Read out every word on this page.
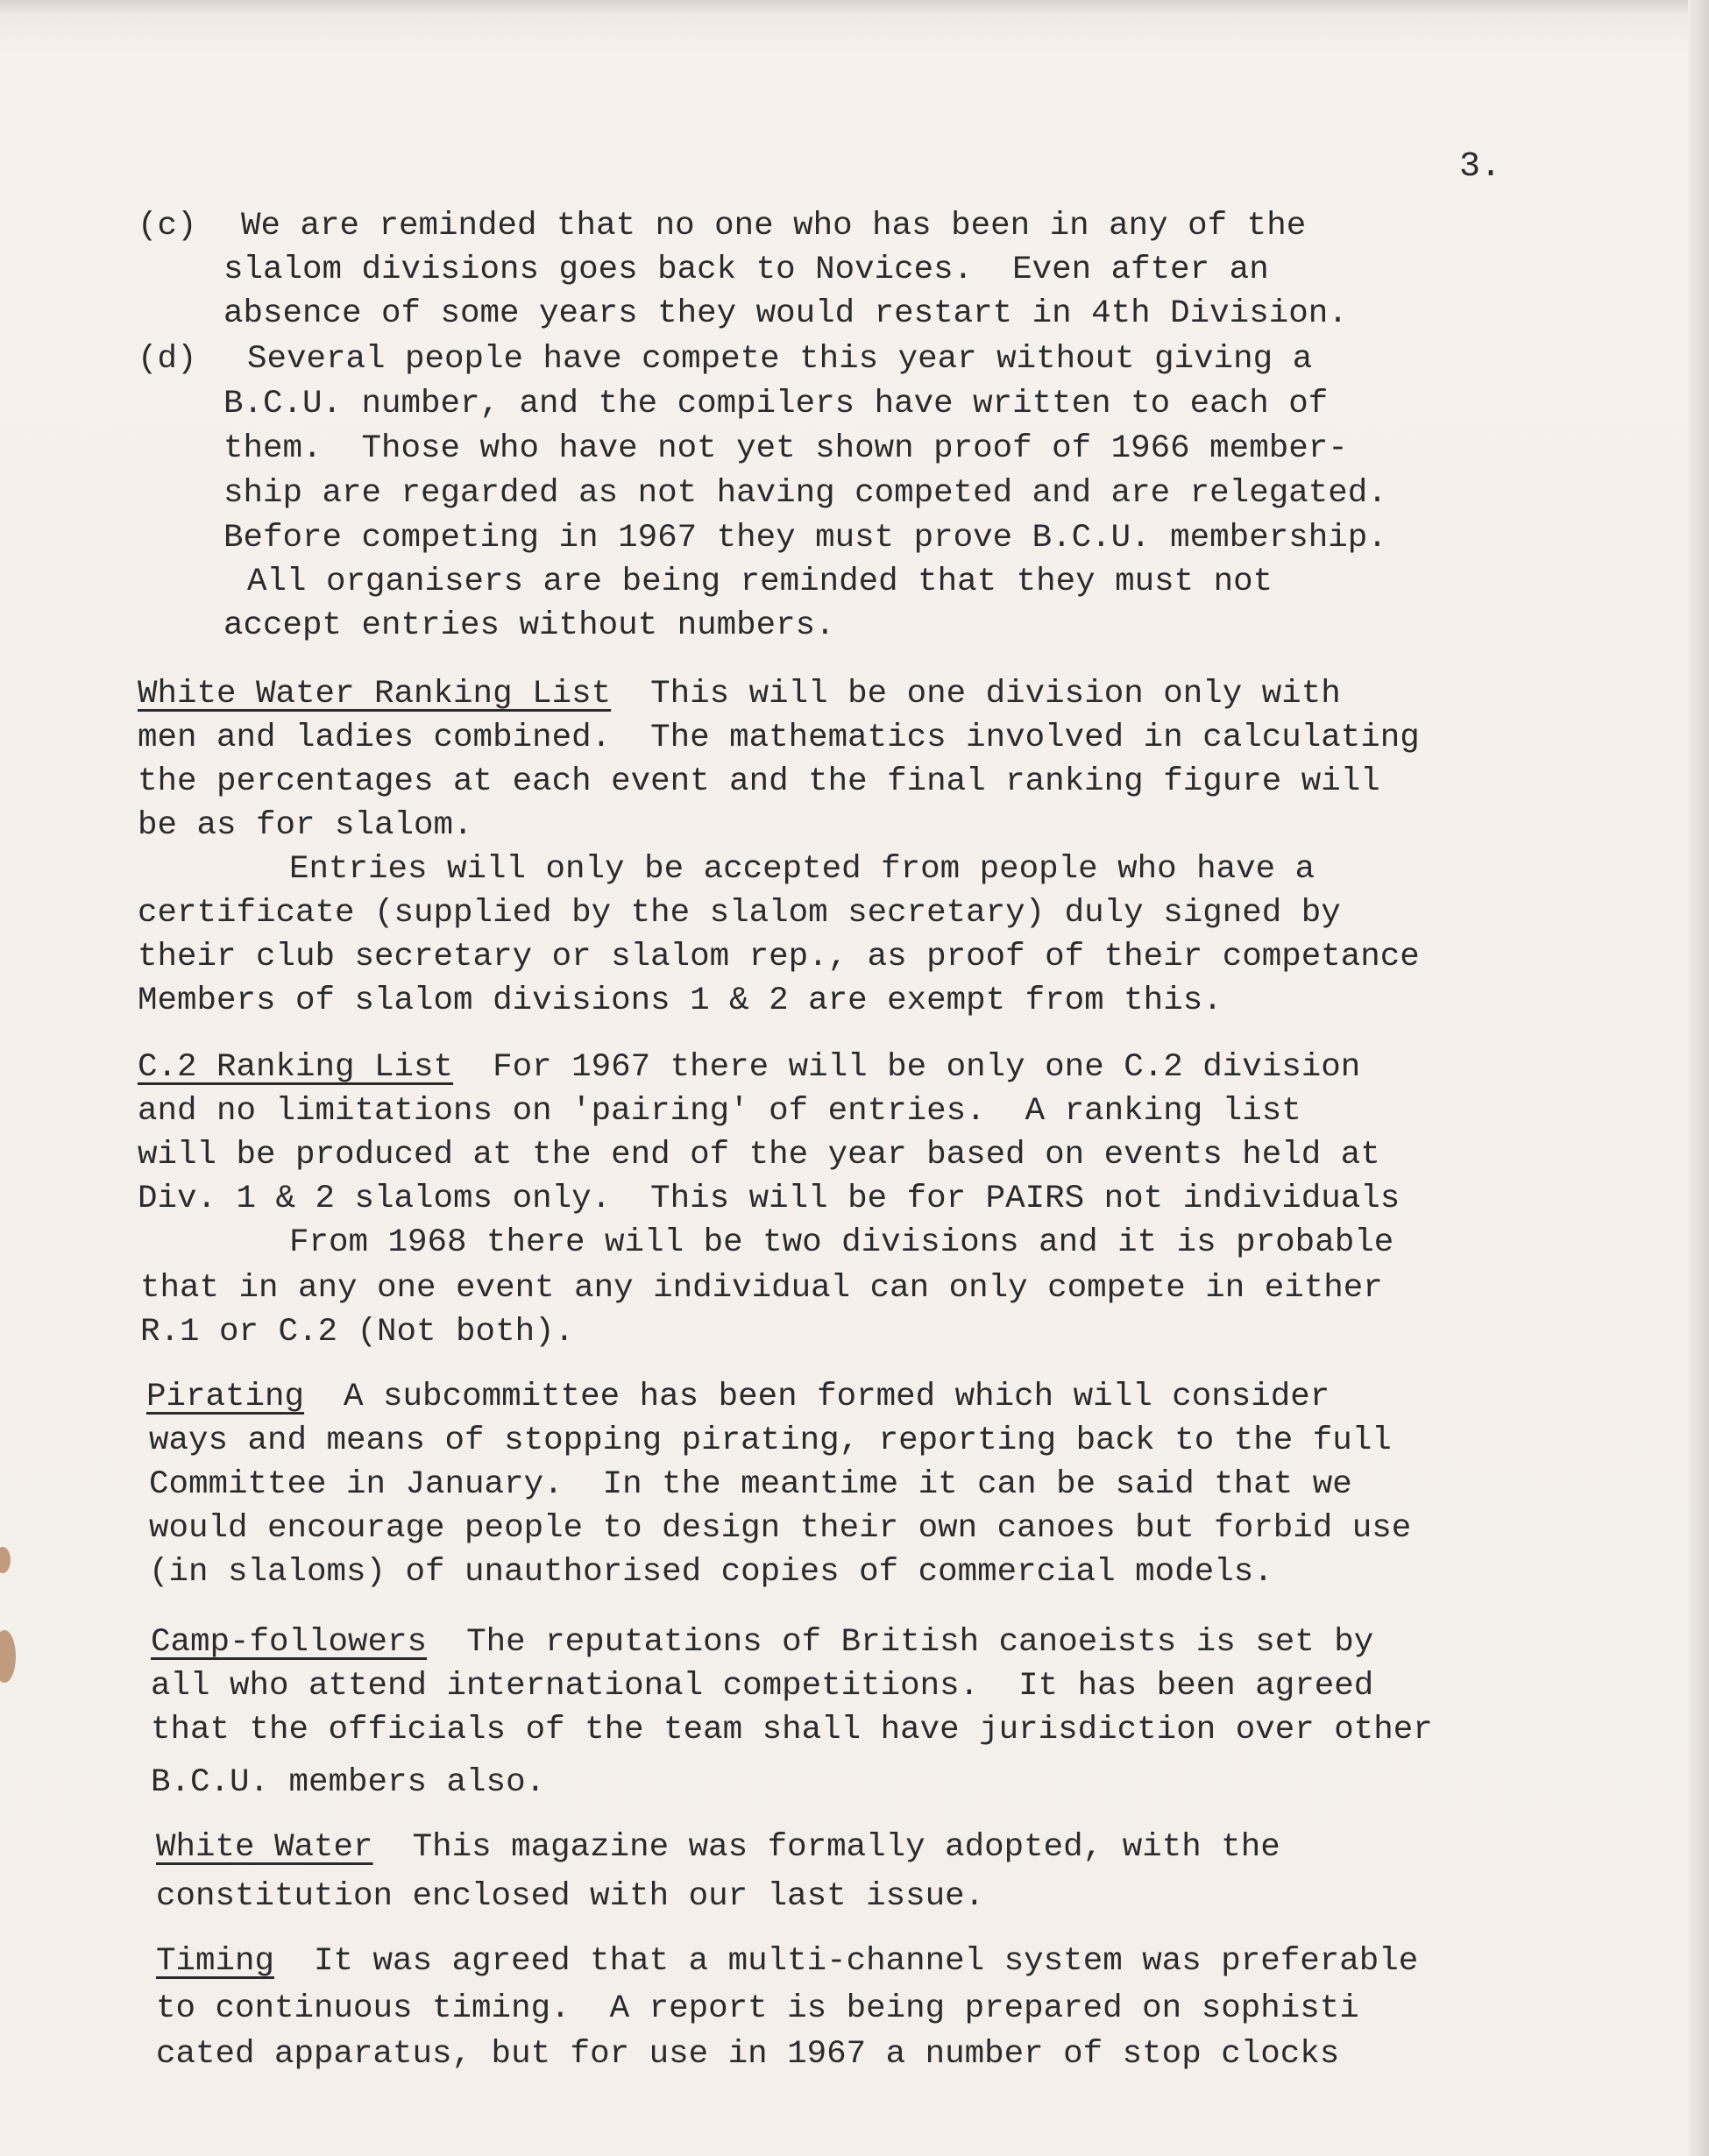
3.
(c) We are reminded that no one who has been in any of the
slalom divisions goes back to Novices.  Even after an
absence of some years they would restart in 4th Division.
(d) Several people have compete this year without giving a
B.C.U. number, and the compilers have written to each of
them.  Those who have not yet shown proof of 1966 member-
ship are regarded as not having competed and are relegated.
Before competing in 1967 they must prove B.C.U. membership.
All organisers are being reminded that they must not
accept entries without numbers.
White Water Ranking List This will be one division only with
men and ladies combined.  The mathematics involved in calculating
the percentages at each event and the final ranking figure will
be as for slalom.
Entries will only be accepted from people who have a
certificate (supplied by the slalom secretary) duly signed by
their club secretary or slalom rep., as proof of their competance
Members of slalom divisions 1 & 2 are exempt from this.
C.2 Ranking List For 1967 there will be only one C.2 division
and no limitations on 'pairing' of entries.  A ranking list
will be produced at the end of the year based on events held at
Div. 1 & 2 slaloms only.  This will be for PAIRS not individuals
From 1968 there will be two divisions and it is probable
that in any one event any individual can only compete in either
R.1 or C.2 (Not both).
Pirating A subcommittee has been formed which will consider
ways and means of stopping pirating, reporting back to the full
Committee in January.  In the meantime it can be said that we
would encourage people to design their own canoes but forbid use
(in slaloms) of unauthorised copies of commercial models.
Camp-followers The reputations of British canoeists is set by
all who attend international competitions.  It has been agreed
that the officials of the team shall have jurisdiction over other
B.C.U. members also.
White Water This magazine was formally adopted, with the
constitution enclosed with our last issue.
Timing It was agreed that a multi-channel system was preferable
to continuous timing.  A report is being prepared on sophisti
cated apparatus, but for use in 1967 a number of stop clocks
